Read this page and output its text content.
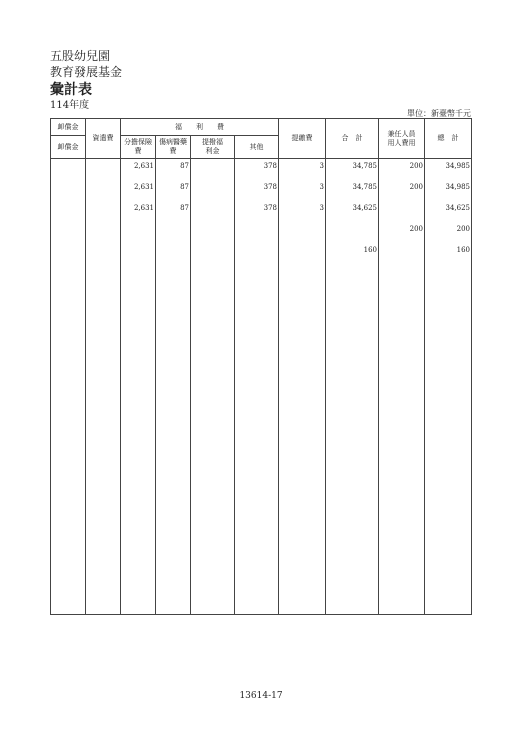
五股幼兒園
教育發展基金
彙計表
114年度
單位：新臺幣千元
卹償金	資遣費	福　　利　　費				提繳費	合　計	兼任人員用人費用	總　計
卹償金		分擔保險費	傷病醫藥費	提撥福利金	其他				
		2,631	87		378	3	34,785	200	34,985
		2,631	87		378	3	34,785	200	34,985
		2,631	87		378	3	34,625		34,625
								200	200
							160		160

13614-17
